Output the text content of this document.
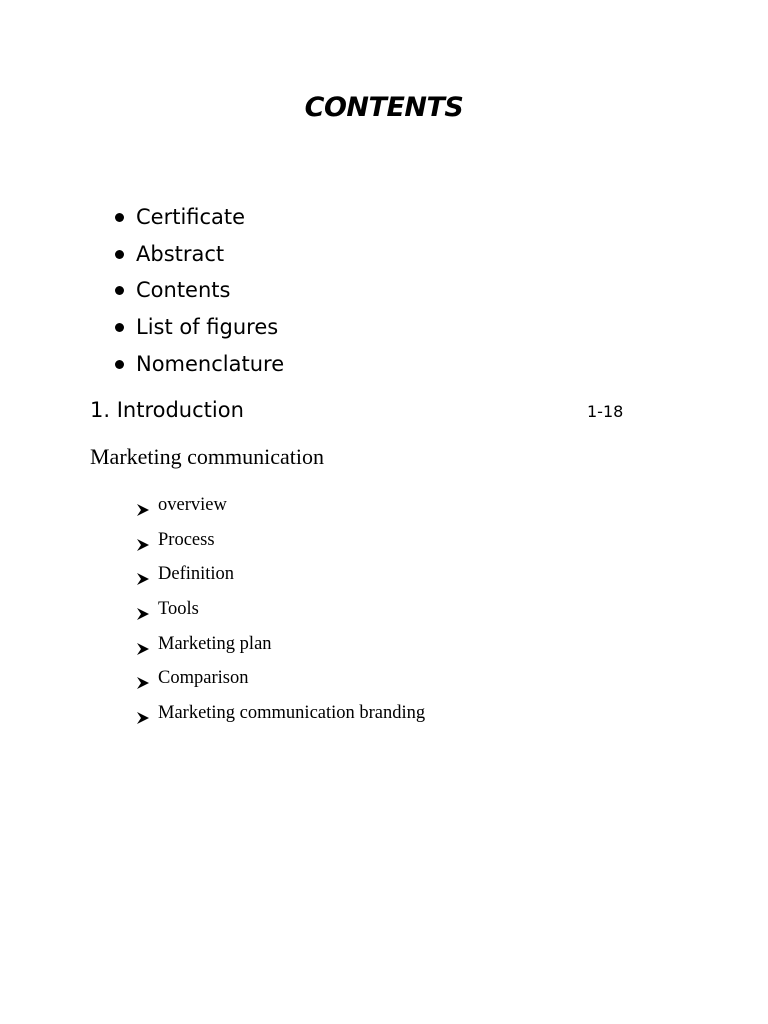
CONTENTS
Certificate
Abstract
Contents
List of figures
Nomenclature
1. Introduction	1-18
Marketing communication
overview
Process
Definition
Tools
Marketing plan
Comparison
Marketing communication branding
